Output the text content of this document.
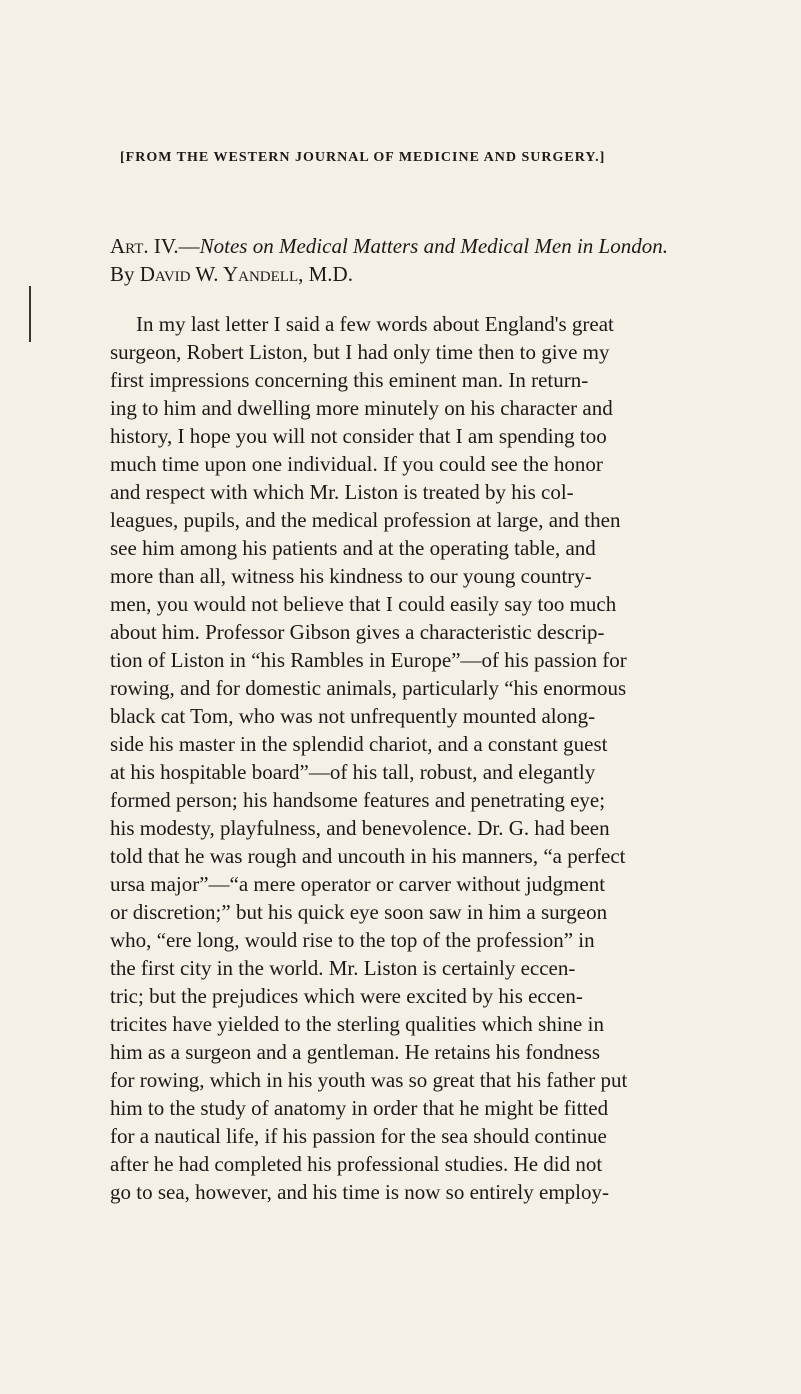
[FROM THE WESTERN JOURNAL OF MEDICINE AND SURGERY.]
Art. IV.—Notes on Medical Matters and Medical Men in London.
By David W. Yandell, M.D.
In my last letter I said a few words about England's great
surgeon, Robert Liston, but I had only time then to give my
first impressions concerning this eminent man. In return-
ing to him and dwelling more minutely on his character and
history, I hope you will not consider that I am spending too
much time upon one individual. If you could see the honor
and respect with which Mr. Liston is treated by his col-
leagues, pupils, and the medical profession at large, and then
see him among his patients and at the operating table, and
more than all, witness his kindness to our young country-
men, you would not believe that I could easily say too much
about him. Professor Gibson gives a characteristic descrip-
tion of Liston in “his Rambles in Europe”—of his passion for
rowing, and for domestic animals, particularly “his enormous
black cat Tom, who was not unfrequently mounted along-
side his master in the splendid chariot, and a constant guest
at his hospitable board”—of his tall, robust, and elegantly
formed person; his handsome features and penetrating eye;
his modesty, playfulness, and benevolence. Dr. G. had been
told that he was rough and uncouth in his manners, “a perfect
ursa major”—“a mere operator or carver without judgment
or discretion;” but his quick eye soon saw in him a surgeon
who, “ere long, would rise to the top of the profession” in
the first city in the world. Mr. Liston is certainly eccen-
tric; but the prejudices which were excited by his eccen-
tricites have yielded to the sterling qualities which shine in
him as a surgeon and a gentleman. He retains his fondness
for rowing, which in his youth was so great that his father put
him to the study of anatomy in order that he might be fitted
for a nautical life, if his passion for the sea should continue
after he had completed his professional studies. He did not
go to sea, however, and his time is now so entirely employ-
